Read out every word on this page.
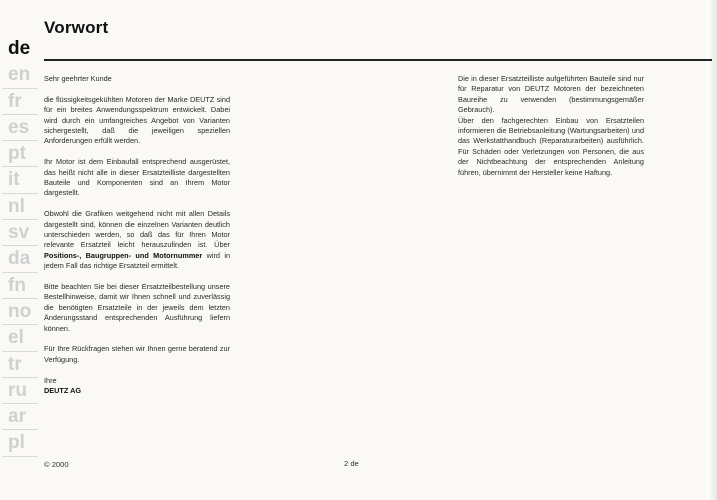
Vorwort
de
en
fr
es
pt
it
nl
sv
da
fn
no
el
tr
ru
ar
pl

Sehr geehrter Kunde

die flüssigkeitsgekühlten Motoren der Marke DEUTZ sind für ein breites Anwendungsspektrum entwickelt. Dabei wird durch ein umfangreiches Angebot von Varianten sichergestellt, daß die jeweiligen speziellen Anforderungen erfüllt werden.

Ihr Motor ist dem Einbaufall entsprechend ausgerüstet, das heißt nicht alle in dieser Ersatzteilliste dargestellten Bauteile und Komponenten sind an Ihrem Motor dargestellt.

Obwohl die Grafiken weitgehend nicht mit allen Details dargestellt sind, können die einzelnen Varianten deutlich unterschieden werden, so daß das für Ihren Motor relevante Ersatzteil leicht herauszufinden ist. Über Positions-, Baugruppen- und Motornummer wird in jedem Fall das richtige Ersatzteil ermittelt.

Bitte beachten Sie bei dieser Ersatzteilbestellung unsere Bestellhinweise, damit wir Ihnen schnell und zuverlässig die benötigten Ersatzteile in der jeweils dem letzten Änderungsstand entsprechenden Ausführung liefern können.

Für Ihre Rückfragen stehen wir Ihnen gerne beratend zur Verfügung.

Ihre
DEUTZ AG

Die in dieser Ersatzteilliste aufgeführten Bauteile sind nur für Reparatur von DEUTZ Motoren der bezeichneten Baureihe zu verwenden (bestimmungsgemäßer Gebrauch).

Über den fachgerechten Einbau von Ersatzteilen informieren die Betriebsanleitung (Wartungsarbeiten) und das Werkstatthandbuch (Reparaturarbeiten) ausführlich. Für Schäden oder Verletzungen von Personen, die aus der Nichtbeachtung der entsprechenden Anleitung führen, übernimmt der Hersteller keine Haftung.

© 2000	2 de
